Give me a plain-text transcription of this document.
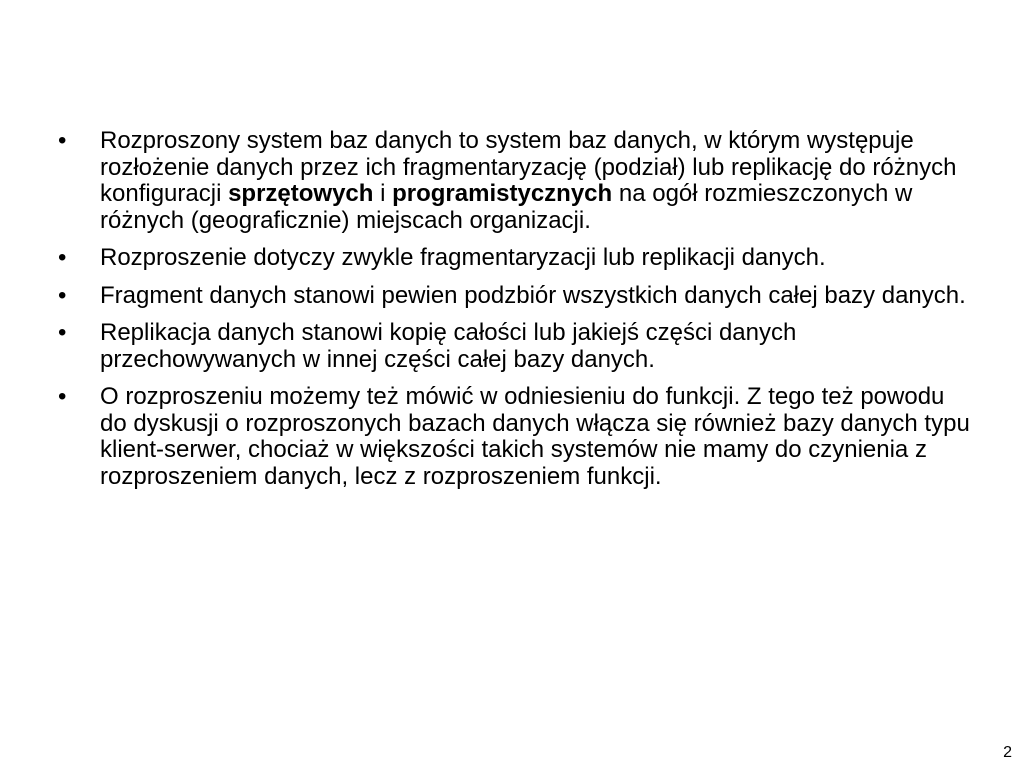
•	Rozproszony system baz danych to system baz danych, w którym występuje rozłożenie danych przez ich fragmentaryzację (podział) lub replikację do różnych konfiguracji sprzętowych i programistycznych na ogół rozmieszczonych w różnych (geograficznie) miejscach organizacji.
•	Rozproszenie dotyczy zwykle fragmentaryzacji lub replikacji danych.
•	Fragment danych stanowi pewien podzbiór wszystkich danych całej bazy danych.
•	Replikacja danych stanowi kopię całości lub jakiejś części danych przechowywanych w innej części całej bazy danych.
•	O rozproszeniu możemy też mówić w odniesieniu do funkcji. Z tego też powodu do dyskusji o rozproszonych bazach danych włącza się również bazy danych typu klient-serwer, chociaż w większości takich systemów nie mamy do czynienia z rozproszeniem danych, lecz z rozproszeniem funkcji.
2
